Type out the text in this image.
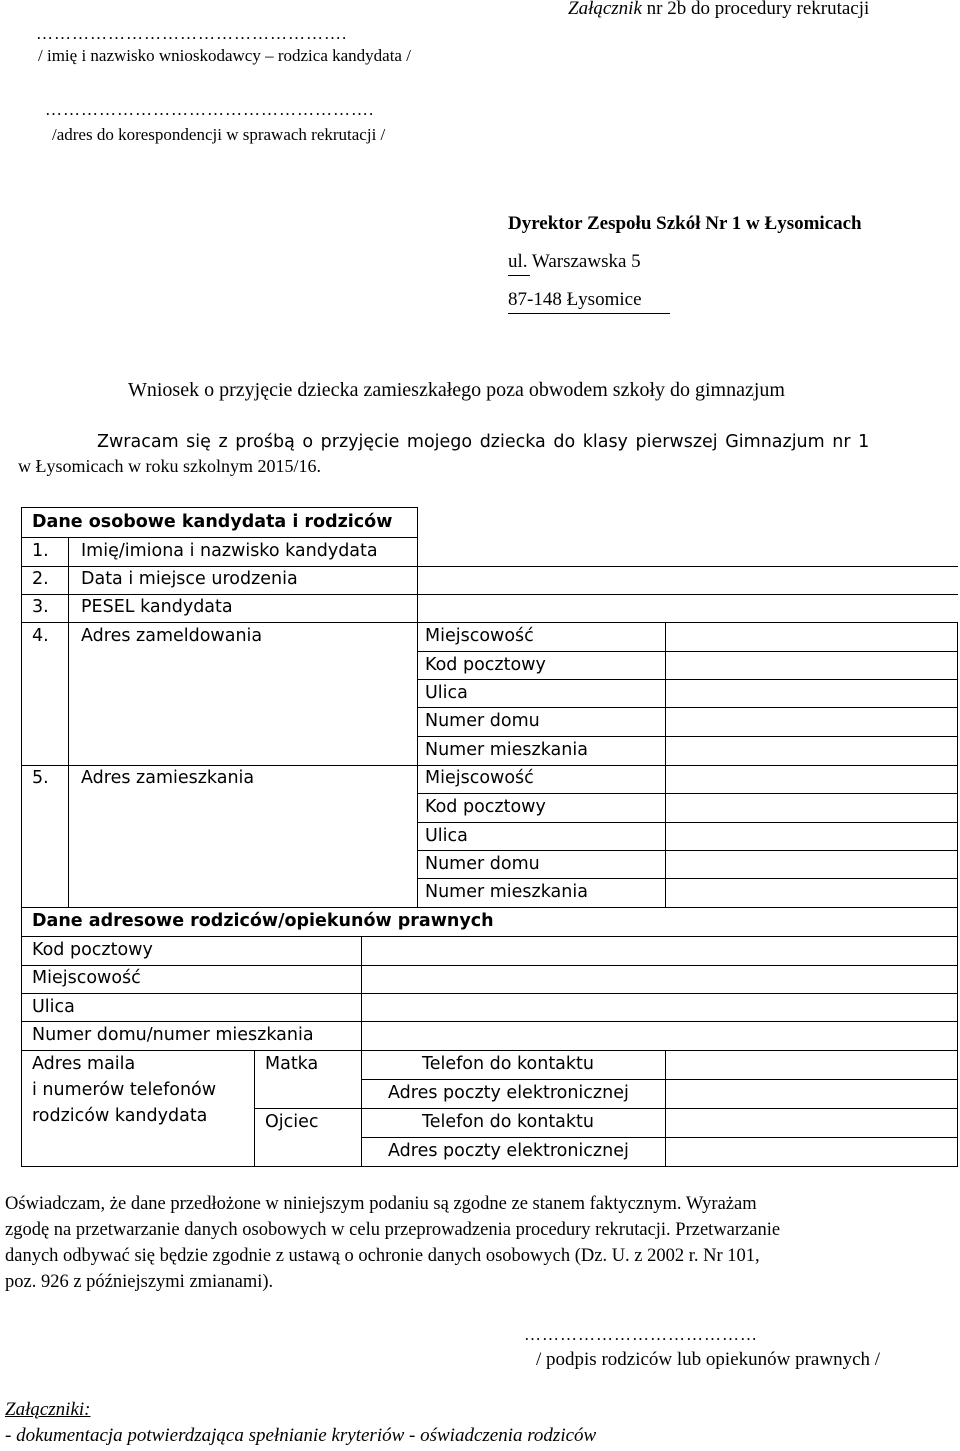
Załącznik nr 2b do procedury rekrutacji
…………………………………………….
/ imię i nazwisko wnioskodawcy – rodzica kandydata /
……………………………………………….
/adres do korespondencji w sprawach rekrutacji /
Dyrektor Zespołu Szkół Nr 1 w Łysomicach
ul. Warszawska 5
87-148 Łysomice
Wniosek o przyjęcie dziecka zamieszkałego poza obwodem szkoły do gimnazjum
Zwracam się z prośbą o przyjęcie mojego dziecka do klasy pierwszej Gimnazjum nr 1
w Łysomicach w roku szkolnym 2015/16.
Dane osobowe kandydata i rodziców
1. Imię/imiona i nazwisko kandydata
2. Data i miejsce urodzenia
3. PESEL kandydata
4. Adres zameldowania	Miejscowość
Kod pocztowy
Ulica
Numer domu
Numer mieszkania
5. Adres zamieszkania	Miejscowość
Kod pocztowy
Ulica
Numer domu
Numer mieszkania
Dane adresowe rodziców/opiekunów prawnych
Kod pocztowy
Miejscowość
Ulica
Numer domu/numer mieszkania
Adres maila
i numerów telefonów
rodziców kandydata
Matka	Telefon do kontaktu
Adres poczty elektronicznej
Ojciec	Telefon do kontaktu
Adres poczty elektronicznej
Oświadczam, że dane przedłożone w niniejszym podaniu są zgodne ze stanem faktycznym. Wyrażam
zgodę na przetwarzanie danych osobowych w celu przeprowadzenia procedury rekrutacji. Przetwarzanie
danych odbywać się będzie zgodnie z ustawą o ochronie danych osobowych (Dz. U. z 2002 r. Nr 101,
poz. 926 z późniejszymi zmianami).
…………………………………
/ podpis rodziców lub opiekunów prawnych /
Załączniki:
- dokumentacja potwierdzająca spełnianie kryteriów - oświadczenia rodziców
